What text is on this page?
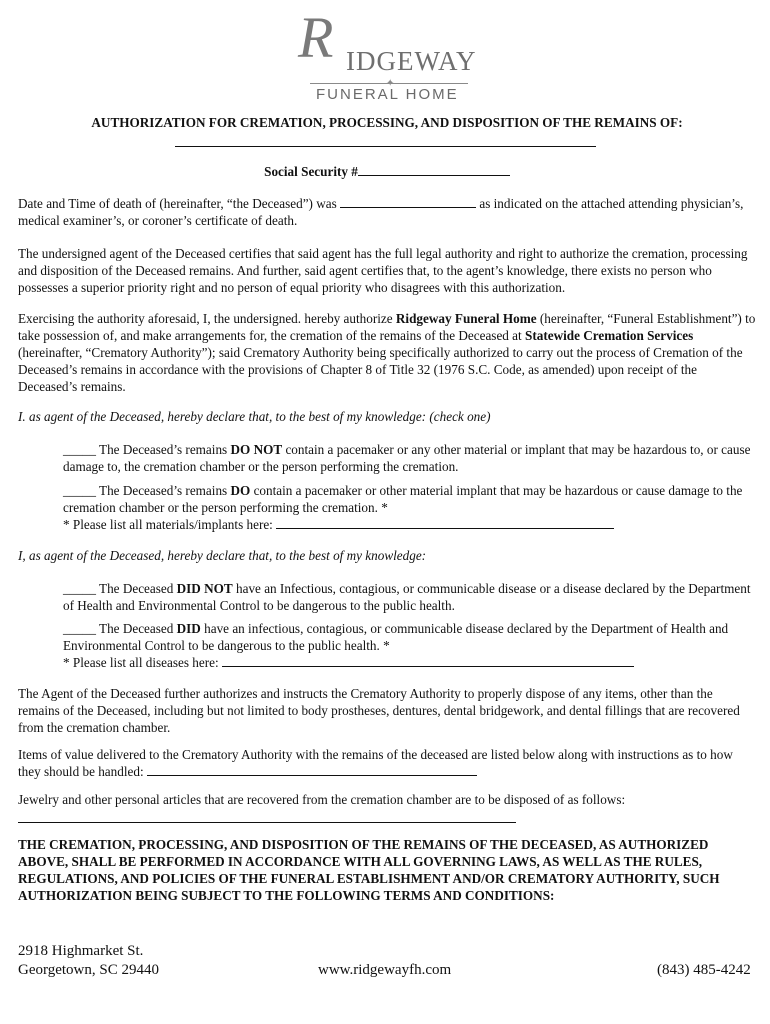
R IDGEWAY
✦
FUNERAL HOME

AUTHORIZATION FOR CREMATION, PROCESSING, AND DISPOSITION OF THE REMAINS OF:

Social Security #

Date and Time of death of (hereinafter, “the Deceased”) was	as indicated on the attached attending physician’s, medical examiner’s, or coroner’s certificate of death.

The undersigned agent of the Deceased certifies that said agent has the full legal authority and right to authorize the cremation, processing and disposition of the Deceased remains. And further, said agent certifies that, to the agent’s knowledge, there exists no person who possesses a superior priority right and no person of equal priority who disagrees with this authorization.

Exercising the authority aforesaid, I, the undersigned. hereby authorize Ridgeway Funeral Home (hereinafter, “Funeral Establishment”) to take possession of, and make arrangements for, the cremation of the remains of the Deceased at Statewide Cremation Services (hereinafter, “Crematory Authority”); said Crematory Authority being specifically authorized to carry out the process of Cremation of the Deceased’s remains in accordance with the provisions of Chapter 8 of Title 32 (1976 S.C. Code, as amended) upon receipt of the Deceased’s remains.

I. as agent of the Deceased, hereby declare that, to the best of my knowledge: (check one)

_____ The Deceased’s remains DO NOT contain a pacemaker or any other material or implant that may be hazardous to, or cause damage to, the cremation chamber or the person performing the cremation.

_____ The Deceased’s remains DO contain a pacemaker or other material implant that may be hazardous or cause damage to the cremation chamber or the person performing the cremation. *
* Please list all materials/implants here:

I, as agent of the Deceased, hereby declare that, to the best of my knowledge:

_____ The Deceased DID NOT have an Infectious, contagious, or communicable disease or a disease declared by the Department of Health and Environmental Control to be dangerous to the public health.

_____ The Deceased DID have an infectious, contagious, or communicable disease declared by the Department of Health and Environmental Control to be dangerous to the public health. *
* Please list all diseases here:

The Agent of the Deceased further authorizes and instructs the Crematory Authority to properly dispose of any items, other than the remains of the Deceased, including but not limited to body prostheses, dentures, dental bridgework, and dental fillings that are recovered from the cremation chamber.

Items of value delivered to the Crematory Authority with the remains of the deceased are listed below along with instructions as to how they should be handled:

Jewelry and other personal articles that are recovered from the cremation chamber are to be disposed of as follows:

THE CREMATION, PROCESSING, AND DISPOSITION OF THE REMAINS OF THE DECEASED, AS AUTHORIZED ABOVE, SHALL BE PERFORMED IN ACCORDANCE WITH ALL GOVERNING LAWS, AS WELL AS THE RULES, REGULATIONS, AND POLICIES OF THE FUNERAL ESTABLISHMENT AND/OR CREMATORY AUTHORITY, SUCH AUTHORIZATION BEING SUBJECT TO THE FOLLOWING TERMS AND CONDITIONS:

2918 Highmarket St.
Georgetown, SC 29440	www.ridgewayfh.com	(843) 485-4242
